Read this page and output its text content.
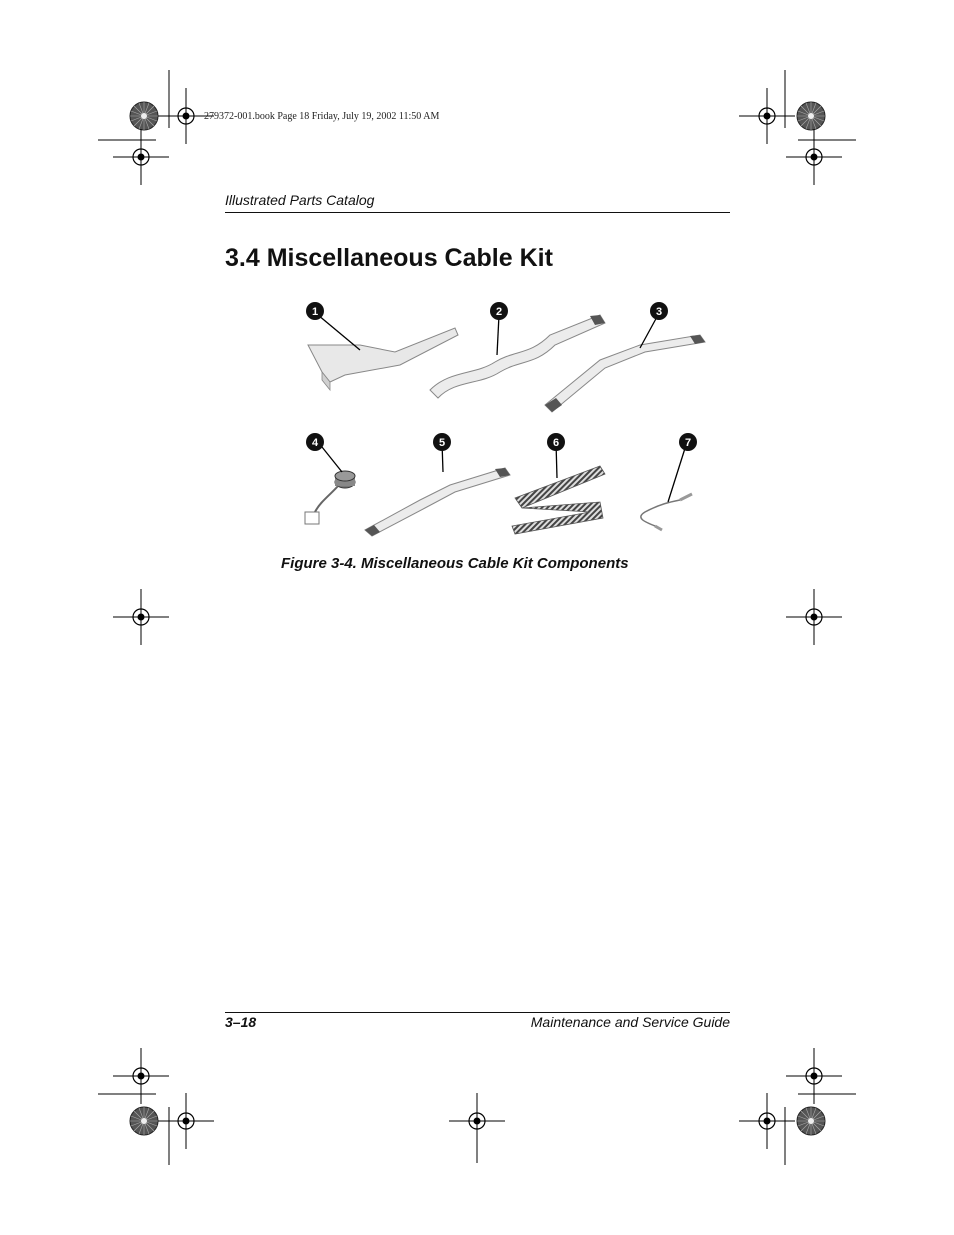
279372-001.book Page 18 Friday, July 19, 2002 11:50 AM
Illustrated Parts Catalog
3.4 Miscellaneous Cable Kit
1	2	3
4	5	6	7
Figure 3-4. Miscellaneous Cable Kit Components
3–18	Maintenance and Service Guide
